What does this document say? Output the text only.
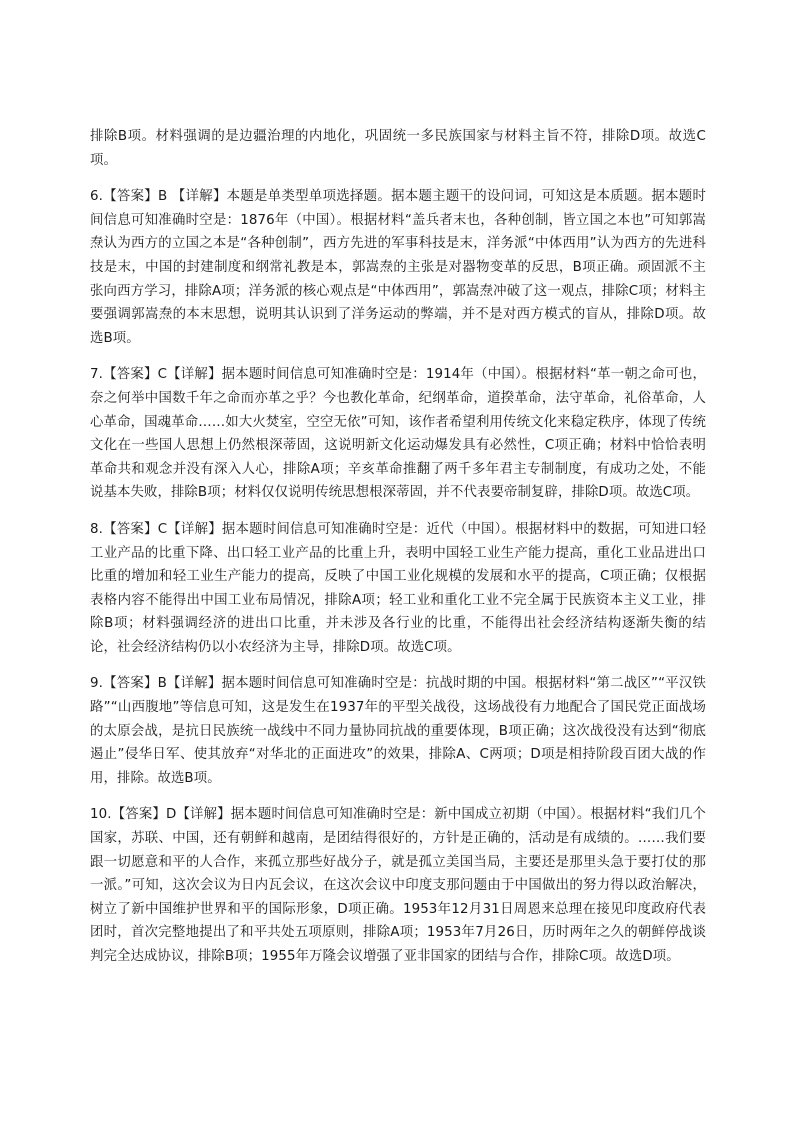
排除B项。材料强调的是边疆治理的内地化，巩固统一多民族国家与材料主旨不符，排除D项。故选C项。

6.【答案】B 【详解】本题是单类型单项选择题。据本题主题干的设问词，可知这是本质题。据本题时间信息可知准确时空是：1876年（中国）。根据材料“盖兵者末也，各种创制，皆立国之本也”可知郭嵩焘认为西方的立国之本是“各种创制”，西方先进的军事科技是末，洋务派“中体西用”认为西方的先进科技是末，中国的封建制度和纲常礼教是本，郭嵩焘的主张是对器物变革的反思，B项正确。顽固派不主张向西方学习，排除A项；洋务派的核心观点是“中体西用”，郭嵩焘冲破了这一观点，排除C项；材料主要强调郭嵩焘的本末思想，说明其认识到了洋务运动的弊端，并不是对西方模式的盲从，排除D项。故选B项。

7.【答案】C【详解】据本题时间信息可知准确时空是：1914年（中国）。根据材料“革一朝之命可也，奈之何举中国数千年之命而亦革之乎？今也教化革命，纪纲革命，道揆革命，法守革命，礼俗革命，人心革命，国魂革命……如大火焚室，空空无依”可知，该作者希望利用传统文化来稳定秩序，体现了传统文化在一些国人思想上仍然根深蒂固，这说明新文化运动爆发具有必然性，C项正确；材料中恰恰表明革命共和观念并没有深入人心，排除A项；辛亥革命推翻了两千多年君主专制制度，有成功之处，不能说基本失败，排除B项；材料仅仅说明传统思想根深蒂固，并不代表要帝制复辟，排除D项。故选C项。

8.【答案】C【详解】据本题时间信息可知准确时空是：近代（中国）。根据材料中的数据，可知进口轻工业产品的比重下降、出口轻工业产品的比重上升，表明中国轻工业生产能力提高，重化工业品进出口比重的增加和轻工业生产能力的提高，反映了中国工业化规模的发展和水平的提高，C项正确；仅根据表格内容不能得出中国工业布局情况，排除A项；轻工业和重化工业不完全属于民族资本主义工业，排除B项；材料强调经济的进出口比重，并未涉及各行业的比重，不能得出社会经济结构逐渐失衡的结论，社会经济结构仍以小农经济为主导，排除D项。故选C项。

9.【答案】B【详解】据本题时间信息可知准确时空是：抗战时期的中国。根据材料“第二战区”“平汉铁路”“山西腹地”等信息可知，这是发生在1937年的平型关战役，这场战役有力地配合了国民党正面战场的太原会战，是抗日民族统一战线中不同力量协同抗战的重要体现，B项正确；这次战役没有达到“彻底遏止”侵华日军、使其放弃“对华北的正面进攻”的效果，排除A、C两项；D项是相持阶段百团大战的作用，排除。故选B项。

10.【答案】D【详解】据本题时间信息可知准确时空是：新中国成立初期（中国）。根据材料“我们几个国家，苏联、中国，还有朝鲜和越南，是团结得很好的，方针是正确的，活动是有成绩的。……我们要跟一切愿意和平的人合作，来孤立那些好战分子，就是孤立美国当局，主要还是那里头急于要打仗的那一派。”可知，这次会议为日内瓦会议，在这次会议中印度支那问题由于中国做出的努力得以政治解决，树立了新中国维护世界和平的国际形象，D项正确。1953年12月31日周恩来总理在接见印度政府代表团时，首次完整地提出了和平共处五项原则，排除A项；1953年7月26日，历时两年之久的朝鲜停战谈判完全达成协议，排除B项；1955年万隆会议增强了亚非国家的团结与合作，排除C项。故选D项。
